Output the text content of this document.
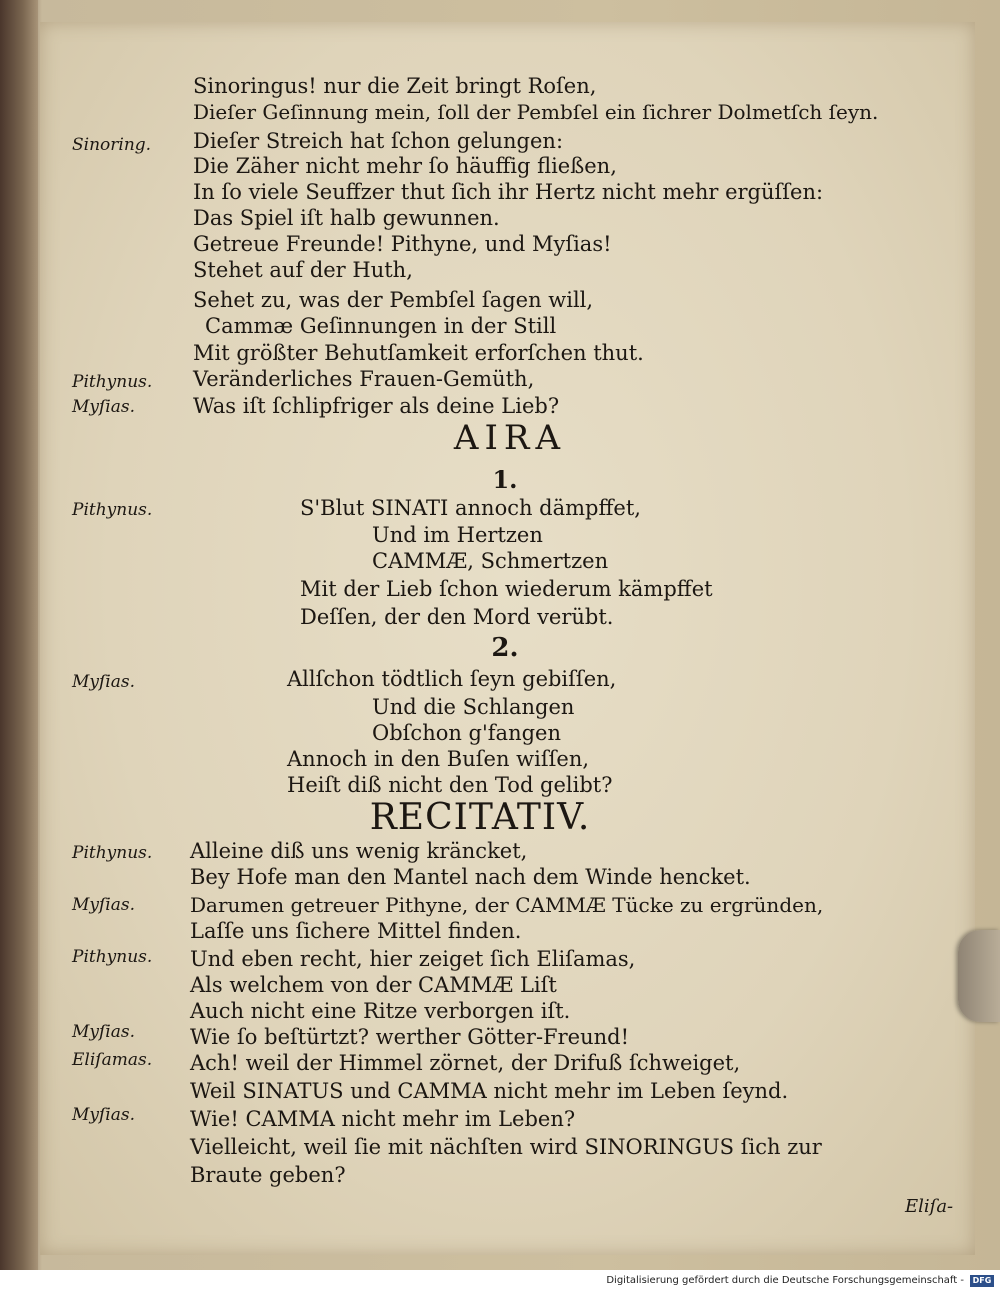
Sinoring.
Pithynus.
Myſias.
Pithynus.
Myſias.
Pithynus.
Myſias.
Pithynus.
Myſias.
Eliſamas.
Myſias.
Sinoringus! nur die Zeit bringt Roſen,
Dieſer Geſinnung mein, ſoll der Pembſel ein ſichrer Dolmetſch ſeyn.
Dieſer Streich hat ſchon gelungen:
Die Zäher nicht mehr ſo häuffig fließen,
In ſo viele Seuffzer thut ſich ihr Hertz nicht mehr ergüſſen:
Das Spiel iſt halb gewunnen.
Getreue Freunde! Pithyne, und Myſias!
Stehet auf der Huth,
Sehet zu, was der Pembſel ſagen will,
Cammæ Geſinnungen in der Still
Mit größter Behutſamkeit erforſchen thut.
Veränderliches Frauen-Gemüth,
Was iſt ſchlipfriger als deine Lieb?
AIRA
1.
S'Blut SINATI annoch dämpffet,
Und im Hertzen
CAMMÆ, Schmertzen
Mit der Lieb ſchon wiederum kämpffet
Deſſen, der den Mord verübt.
2.
Allſchon tödtlich ſeyn gebiſſen,
Und die Schlangen
Obſchon g'fangen
Annoch in den Buſen wiſſen,
Heiſt diß nicht den Tod gelibt?
RECITATIV.
Alleine diß uns wenig kräncket,
Bey Hofe man den Mantel nach dem Winde hencket.
Darumen getreuer Pithyne, der CAMMÆ Tücke zu ergründen,
Laſſe uns ſichere Mittel finden.
Und eben recht, hier zeiget ſich Eliſamas,
Als welchem von der CAMMÆ Liſt
Auch nicht eine Ritze verborgen iſt.
Wie ſo beſtürtzt? werther Götter-Freund!
Ach! weil der Himmel zörnet, der Drifuß ſchweiget,
Weil SINATUS und CAMMA nicht mehr im Leben ſeynd.
Wie! CAMMA nicht mehr im Leben?
Vielleicht, weil ſie mit nächſten wird SINORINGUS ſich zur
Braute geben?
Eliſa-
Digitalisierung gefördert durch die Deutsche Forschungsgemeinschaft -	DFG
